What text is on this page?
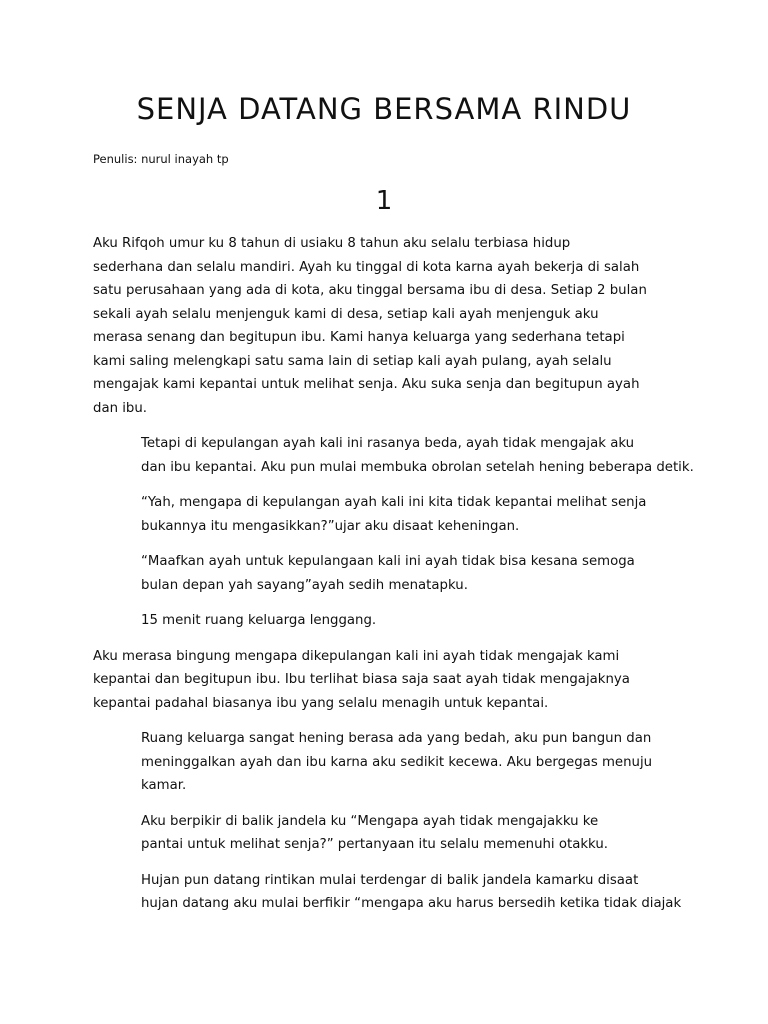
SENJA DATANG BERSAMA RINDU

Penulis: nurul inayah tp

1

Aku Rifqoh umur ku 8 tahun di usiaku 8 tahun aku selalu terbiasa hidup
sederhana dan selalu mandiri. Ayah ku tinggal di kota karna ayah bekerja di salah
satu perusahaan yang ada di kota, aku tinggal bersama ibu di desa. Setiap 2 bulan
sekali ayah selalu menjenguk kami di desa, setiap kali ayah menjenguk aku
merasa senang dan begitupun ibu. Kami hanya keluarga yang sederhana tetapi
kami saling melengkapi satu sama lain di setiap kali ayah pulang, ayah selalu
mengajak kami kepantai untuk melihat senja. Aku suka senja dan begitupun ayah
dan ibu.

Tetapi di kepulangan ayah kali ini rasanya beda, ayah tidak mengajak aku
dan ibu kepantai. Aku pun mulai membuka obrolan setelah hening beberapa detik.

“Yah, mengapa di kepulangan ayah kali ini kita tidak kepantai melihat senja
bukannya itu mengasikkan?”ujar aku disaat keheningan.

“Maafkan ayah untuk kepulangaan kali ini ayah tidak bisa kesana semoga
bulan depan yah sayang”ayah sedih menatapku.

15 menit ruang keluarga lenggang.

Aku merasa bingung mengapa dikepulangan kali ini ayah tidak mengajak kami
kepantai dan begitupun ibu. Ibu terlihat biasa saja saat ayah tidak mengajaknya
kepantai padahal biasanya ibu yang selalu menagih untuk kepantai.

Ruang keluarga sangat hening berasa ada yang bedah, aku pun bangun dan
meninggalkan ayah dan ibu karna aku sedikit kecewa. Aku bergegas menuju
kamar.

Aku berpikir di balik jandela ku “Mengapa ayah tidak mengajakku ke
pantai untuk melihat senja?” pertanyaan itu selalu memenuhi otakku.

Hujan pun datang rintikan mulai terdengar di balik jandela kamarku disaat
hujan datang aku mulai berfikir “mengapa aku harus bersedih ketika tidak diajak
